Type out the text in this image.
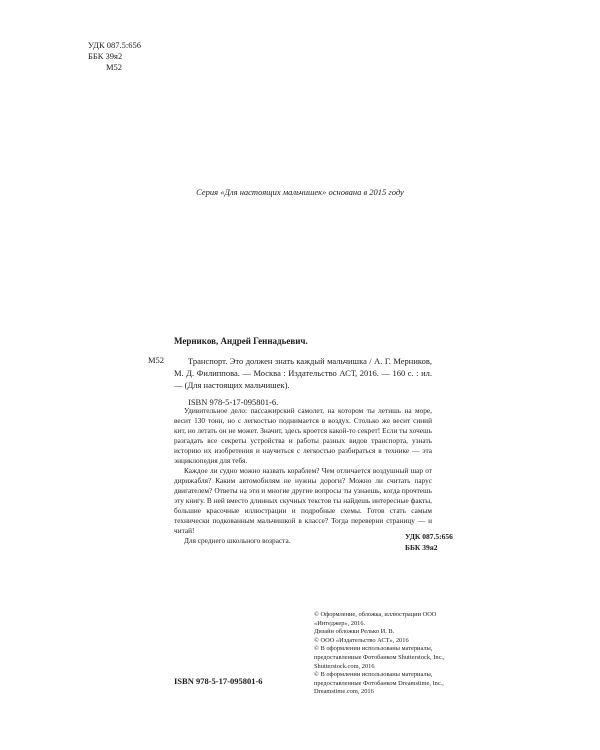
УДК 087.5:656
ББК 39я2
М52
Серия «Для настоящих мальчишек» основана в 2015 году
Мерников, Андрей Геннадьевич.
М52	Транспорт. Это должен знать каждый мальчишка / А. Г. Мерников, М. Д. Филиппова. — Москва : Издательство АСТ, 2016. — 160 с. : ил. — (Для настоящих мальчишек).

ISBN 978-5-17-095801-6.

Удивительное дело: пассажирский самолет, на котором ты летишь на море, весит 130 тонн, но с легкостью поднимается в воздух. Столько же весит синий кит, но летать он не может. Значит, здесь кроется какой-то секрет! Если ты хочешь разгадать все секреты устройства и работы разных видов транспорта, узнать историю их изобретения и научиться с легкостью разбираться в технике — эта энциклопедия для тебя.

Каждое ли судно можно назвать кораблем? Чем отличается воздушный шар от дирижабля? Каким автомобилям не нужны дороги? Можно ли считать парус двигателем? Ответы на эти и многие другие вопросы ты узнаешь, когда прочтешь эту книгу. В ней вместо длинных скучных текстов ты найдешь интересные факты, большие красочные иллюстрации и подробные схемы. Готов стать самым технически подкованным мальчишкой в классе? Тогда переверни страницу — и читай!

Для среднего школьного возраста.	УДК 087.5:656
ББК 39я2
© Оформление, обложка, иллюстрации ООО «Интеджер», 2016.
Дизайн обложки Релько И. В.
© ООО «Издательство АСТ», 2016
© В оформлении использованы материалы, предоставленные Фотобанком Shutterstock, Inc., Shutterstock.com, 2016
© В оформлении использованы материалы, предоставленные Фотобанком Dreamstime, Inc., Dreamstime.com, 2016
ISBN 978-5-17-095801-6
